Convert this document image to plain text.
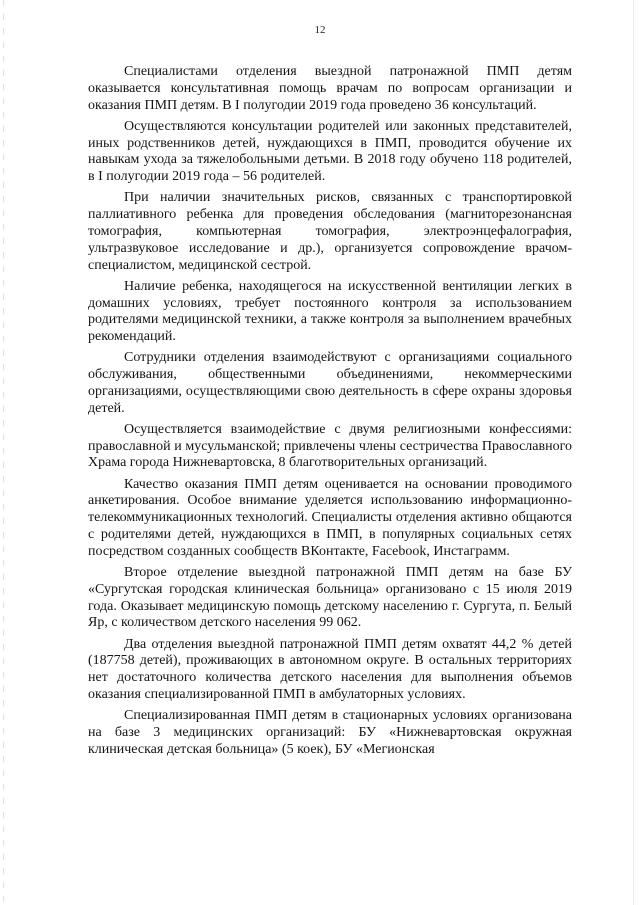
12

Специалистами отделения выездной патронажной ПМП детям оказывается консультативная помощь врачам по вопросам организации и оказания ПМП детям. В I полугодии 2019 года проведено 36 консультаций.

Осуществляются консультации родителей или законных представителей, иных родственников детей, нуждающихся в ПМП, проводится обучение их навыкам ухода за тяжелобольными детьми. В 2018 году обучено 118 родителей, в I полугодии 2019 года – 56 родителей.

При наличии значительных рисков, связанных с транспортировкой паллиативного ребенка для проведения обследования (магниторезонансная томография, компьютерная томография, электроэнцефалография, ультразвуковое исследование и др.), организуется сопровождение врачом-специалистом, медицинской сестрой.

Наличие ребенка, находящегося на искусственной вентиляции легких в домашних условиях, требует постоянного контроля за использованием родителями медицинской техники, а также контроля за выполнением врачебных рекомендаций.

Сотрудники отделения взаимодействуют с организациями социального обслуживания, общественными объединениями, некоммерческими организациями, осуществляющими свою деятельность в сфере охраны здоровья детей.

Осуществляется взаимодействие с двумя религиозными конфессиями: православной и мусульманской; привлечены члены сестричества Православного Храма города Нижневартовска, 8 благотворительных организаций.

Качество оказания ПМП детям оценивается на основании проводимого анкетирования. Особое внимание уделяется использованию информационно-телекоммуникационных технологий. Специалисты отделения активно общаются с родителями детей, нуждающихся в ПМП, в популярных социальных сетях посредством созданных сообществ ВКонтакте, Facebook, Инстаграмм.

Второе отделение выездной патронажной ПМП детям на базе БУ «Сургутская городская клиническая больница» организовано с 15 июля 2019 года. Оказывает медицинскую помощь детскому населению г. Сургута, п. Белый Яр, с количеством детского населения 99 062.

Два отделения выездной патронажной ПМП детям охватят 44,2 % детей (187758 детей), проживающих в автономном округе. В остальных территориях нет достаточного количества детского населения для выполнения объемов оказания специализированной ПМП в амбулаторных условиях.

Специализированная ПМП детям в стационарных условиях организована на базе 3 медицинских организаций: БУ «Нижневартовская окружная клиническая детская больница» (5 коек), БУ «Мегионская
